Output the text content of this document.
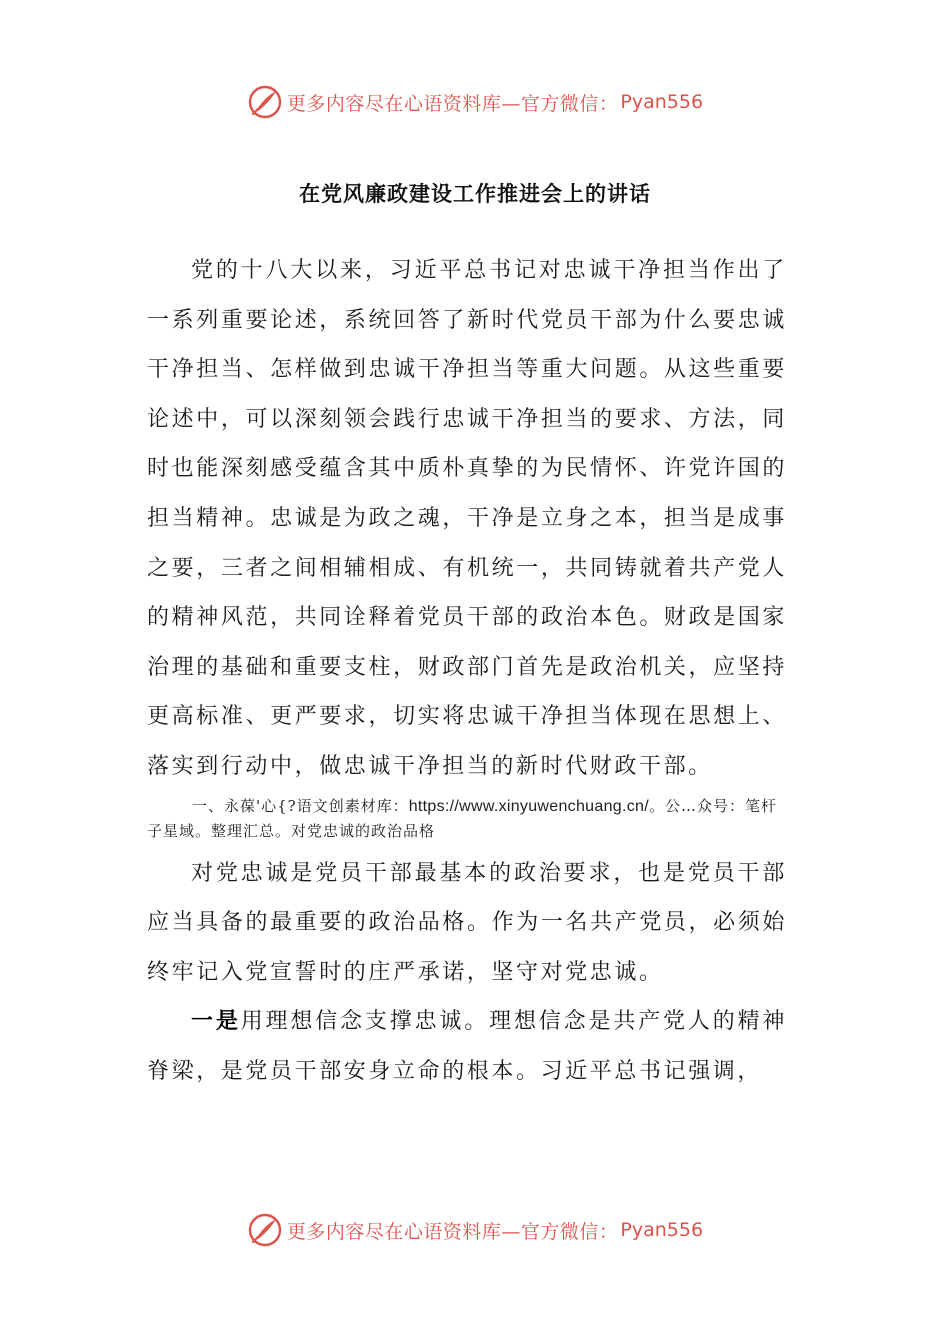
更多内容尽在心语资料库—官方微信： Pyan556
在党风廉政建设工作推进会上的讲话

党的十八大以来，习近平总书记对忠诚干净担当作出了一系列重要论述，系统回答了新时代党员干部为什么要忠诚干净担当、怎样做到忠诚干净担当等重大问题。从这些重要论述中，可以深刻领会践行忠诚干净担当的要求、方法，同时也能深刻感受蕴含其中质朴真挚的为民情怀、许党许国的担当精神。忠诚是为政之魂，干净是立身之本，担当是成事之要，三者之间相辅相成、有机统一，共同铸就着共产党人的精神风范，共同诠释着党员干部的政治本色。财政是国家治理的基础和重要支柱，财政部门首先是政治机关，应坚持更高标准、更严要求，切实将忠诚干净担当体现在思想上、落实到行动中，做忠诚干净担当的新时代财政干部。

一、永葆'心{?语文创素材库：https://www.xinyuwenchuang.cn/。公…众号：笔杆子星域。整理汇总。对党忠诚的政治品格

对党忠诚是党员干部最基本的政治要求，也是党员干部应当具备的最重要的政治品格。作为一名共产党员，必须始终牢记入党宣誓时的庄严承诺，坚守对党忠诚。

一是用理想信念支撑忠诚。理想信念是共产党人的精神脊梁，是党员干部安身立命的根本。习近平总书记强调，

更多内容尽在心语资料库—官方微信： Pyan556
